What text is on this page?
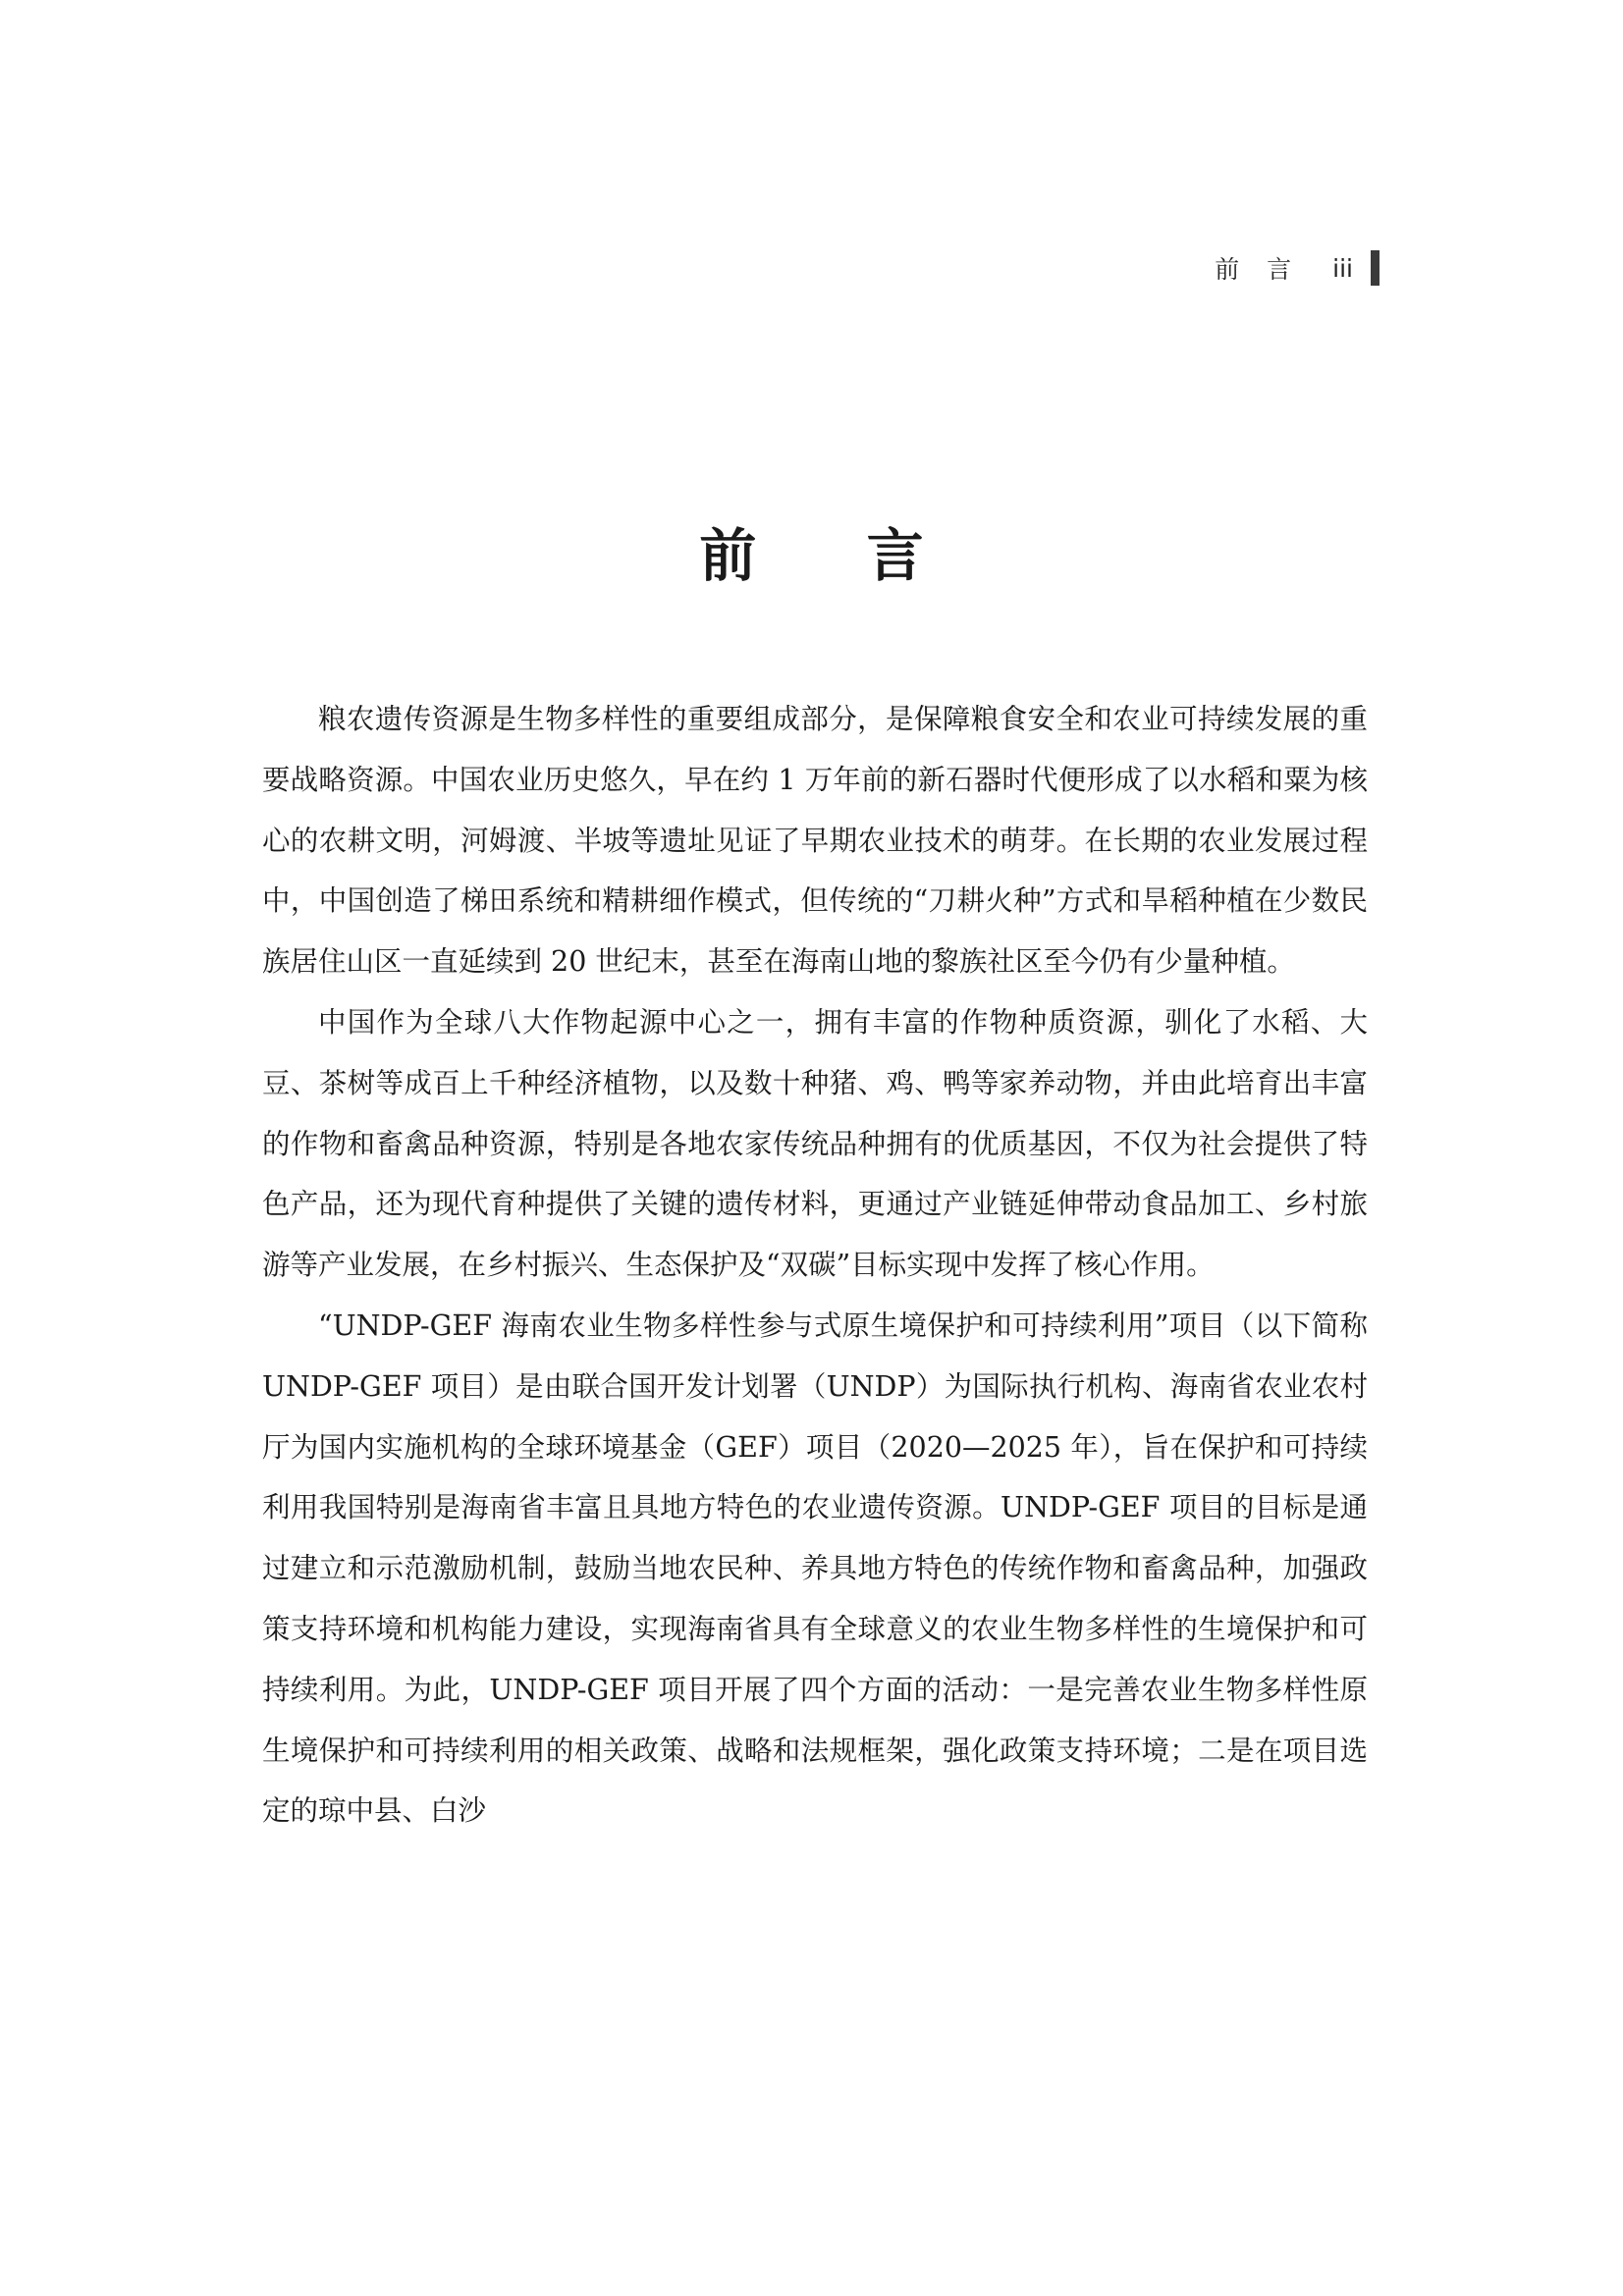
前 言 iii
前 言

粮农遗传资源是生物多样性的重要组成部分，是保障粮食安全和农业可持续发展的重要战略资源。中国农业历史悠久，早在约 1 万年前的新石器时代便形成了以水稻和粟为核心的农耕文明，河姆渡、半坡等遗址见证了早期农业技术的萌芽。在长期的农业发展过程中，中国创造了梯田系统和精耕细作模式，但传统的“刀耕火种”方式和旱稻种植在少数民族居住山区一直延续到 20 世纪末，甚至在海南山地的黎族社区至今仍有少量种植。

中国作为全球八大作物起源中心之一，拥有丰富的作物种质资源，驯化了水稻、大豆、茶树等成百上千种经济植物，以及数十种猪、鸡、鸭等家养动物，并由此培育出丰富的作物和畜禽品种资源，特别是各地农家传统品种拥有的优质基因，不仅为社会提供了特色产品，还为现代育种提供了关键的遗传材料，更通过产业链延伸带动食品加工、乡村旅游等产业发展，在乡村振兴、生态保护及“双碳”目标实现中发挥了核心作用。

“UNDP-GEF 海南农业生物多样性参与式原生境保护和可持续利用”项目（以下简称 UNDP-GEF 项目）是由联合国开发计划署（UNDP）为国际执行机构、海南省农业农村厅为国内实施机构的全球环境基金（GEF）项目（2020—2025 年），旨在保护和可持续利用我国特别是海南省丰富且具地方特色的农业遗传资源。UNDP-GEF 项目的目标是通过建立和示范激励机制，鼓励当地农民种、养具地方特色的传统作物和畜禽品种，加强政策支持环境和机构能力建设，实现海南省具有全球意义的农业生物多样性的生境保护和可持续利用。为此，UNDP-GEF 项目开展了四个方面的活动：一是完善农业生物多样性原生境保护和可持续利用的相关政策、战略和法规框架，强化政策支持环境；二是在项目选定的琼中县、白沙
